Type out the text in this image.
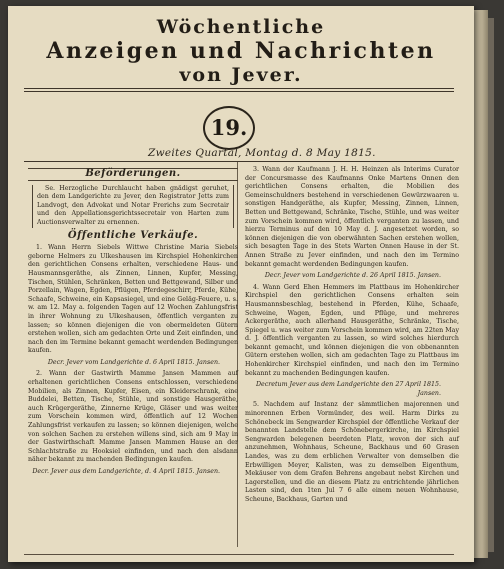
Wöchentliche
Anzeigen und Nachrichten
von Jever.
19.
Zweites Quartal, Montag d. 8 May 1815.
Beförderungen.
Se. Herzogliche Durchlaucht haben gnädigst geruhet, den dem Landgerichte zu Jever, den Registrator Jetts zum Landvogt, den Advokat und Notar Frerichs zum Secretair und den Appellationsgerichtssecretair von Harten zum Auctionsverwalter zu ernennen.
Öffentliche Verkäufe.
1. Wann Herrn Siebels Wittwe Christine Maria Siebels geborne Helmers zu Ulkeshausen im Kirchspiel Hohenkirchen den gerichtlichen Consens erhalten, verschiedene Haus- und Hausmannsgeräthe, als Zinnen, Linnen, Kupfer, Messing, Tischen, Stühlen, Schränken, Betten und Bettgewand, Silber und Porzellain, Wagen, Egden, Pflügen, Pferdegeschirr, Pferde, Kühe, Schaafe, Schweine, ein Kapsasiegel, und eine Geläg-Feuere, u. s. w. am 12. May a. folgenden Tagen auf 12 Wochen Zahlungsfrist in ihrer Wohnung zu Ulkeshausen, öffentlich verganten zu lassen; so können diejenigen die von obermeldeten Gütern erstehen wollen, sich am gedachten Orte und Zeit einfinden, und nach den im Termine bekannt gemacht werdenden Bedingungen kaufen.
Decr. Jever vom Landgerichte d. 6 April 1815. Jansen.
2. Wann der Gastwirth Mamme Jansen Mammen auf erhaltenen gerichtlichen Consens entschlossen, verschiedene Mobilien, als Zinnen, Kupfer, Eisen, ein Kleiderschrank, eine Buddelei, Betten, Tische, Stühle, und sonstige Hausgeräthe, auch Krügergeräthe, Zinnerne Krüge, Gläser und was weiter zum Vorschein kommen wird, öffentlich auf 12 Wochen Zahlungsfrist verkaufen zu lassen; so können diejenigen, welche von solchen Sachen zu erstehen willens sind, sich am 9 May in der Gastwirthschaft Mamme Jansen Mammen Hause an der Schlachtstraße zu Hooksiel einfinden, und nach den alsdann näher bekannt zu machenden Bedingungen kaufen.
Decr. Jever aus dem Landgerichte, d. 4 April 1815. Jansen.
3. Wann der Kaufmann J. H. H. Heinzen als Interims Curator der Concursmasse des Kaufmanns Onke Martens Onnen den gerichtlichen Consens erhalten, die Mobilien des Gemeinschuldners bestehend in verschiedenen Gewürzwaaren u. sonstigen Handgeräthe, als Kupfer, Messing, Zinnen, Linnen, Betten und Bettgewand, Schränke, Tische, Stühle, und was weiter zum Vorschein kommen wird, öffentlich verganten zu lassen, und hierzu Terminus auf den 10 May d. J. angesetzet worden, so können diejenigen die von oberwähnten Sachen erstehen wollen, sich besagten Tage in des Stets Warten Onnen Hause in der St. Annen Straße zu Jever einfinden, und nach den im Termino bekannt gemacht werdenden Bedingungen kaufen.
Decr. Jever vom Landgerichte d. 26 April 1815. Jansen.
4. Wann Gerd Ehen Hemmers im Plattbaus im Hohenkircher Kirchspiel den gerichtlichen Consens erhalten sein Hausmannsbeschlag, bestehend in Pferden, Kühe, Schaafe, Schweine, Wagen, Egden, und Pflüge, und mehreres Ackergeräthe, auch allerhand Hausgeräthe, Schränke, Tische, Spiegel u. was weiter zum Vorschein kommen wird, am 22ten May d. J. öffentlich verganten zu lassen, so wird solches hierdurch bekannt gemacht, und können diejenigen die von obbenannten Gütern erstehen wollen, sich am gedachten Tage zu Plattbaus im Hohenkircher Kirchspiel einfinden, und nach den im Termino bekannt zu machenden Bedingungen kaufen.
Decretum Jever aus dem Landgerichte den 27 April 1815. Jansen.
5. Nachdem auf Instanz der sämmtlichen majorennen und minorennen Erben Vormünder, des weil. Harm Dirks zu Schönebeck im Sengwarder Kirchspiel der öffentliche Verkauf der benannten Landstelle dem Schönebergerkirche, im Kirchspiel Sengwarden belegenen beerdeten Platz, wovon der sich auf anzunehmen, Wohnhaus, Scheune, Backhaus und 60 Grasen Landes, was zu dem erblichen Verwalter von demselben die Erbwilligen Meyer, Kalisten, was zu demselben Eigenthum, Mekäuser von dem Grafen Behrens angebaut nebst Kirchen und Lagerstellen, und die an diesem Platz zu entrichtende jährlichen Lasten sind, den 1ten Jul 7 6 alle einem neuen Wohnhause, Scheune, Backhaus, Garten und
